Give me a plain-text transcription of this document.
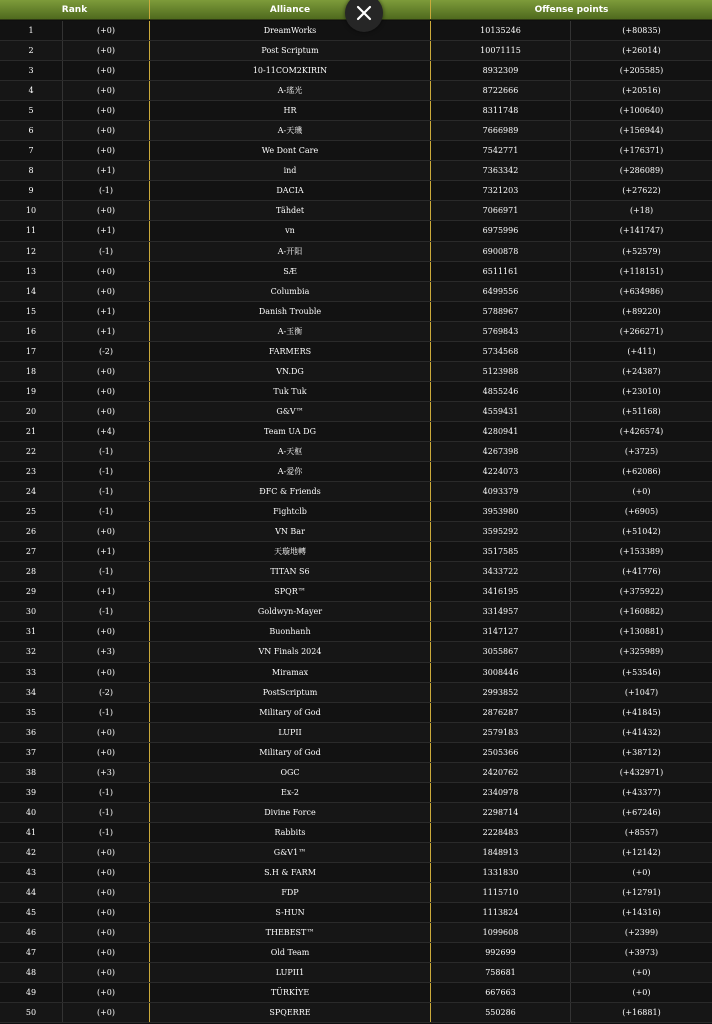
Rank	Alliance	Offense points
1	(+0)	DreamWorks	10135246	(+80835)
2	(+0)	Post Scriptum	10071115	(+26014)
3	(+0)	10-11COM2KIRIN	8932309	(+205585)
4	(+0)	A-瑤光	8722666	(+20516)
5	(+0)	HR	8311748	(+100640)
6	(+0)	A-天璣	7666989	(+156944)
7	(+0)	We Dont Care	7542771	(+176371)
8	(+1)	ind	7363342	(+286089)
9	(-1)	DACIA	7321203	(+27622)
10	(+0)	Tähdet	7066971	(+18)
11	(+1)	vn	6975996	(+141747)
12	(-1)	A-开阳	6900878	(+52579)
13	(+0)	SÆ	6511161	(+118151)
14	(+0)	Columbia	6499556	(+634986)
15	(+1)	Danish Trouble	5788967	(+89220)
16	(+1)	A-玉衡	5769843	(+266271)
17	(-2)	FARMERS	5734568	(+411)
18	(+0)	VN.DG	5123988	(+24387)
19	(+0)	Tuk Tuk	4855246	(+23010)
20	(+0)	G&V™	4559431	(+51168)
21	(+4)	Team UA DG	4280941	(+426574)
22	(-1)	A-天枢	4267398	(+3725)
23	(-1)	A-爱你	4224073	(+62086)
24	(-1)	ĐFC & Friends	4093379	(+0)
25	(-1)	Fightclb	3953980	(+6905)
26	(+0)	VN Bar	3595292	(+51042)
27	(+1)	天璇地轉	3517585	(+153389)
28	(-1)	TITAN S6	3433722	(+41776)
29	(+1)	SPQR™	3416195	(+375922)
30	(-1)	Goldwyn-Mayer	3314957	(+160882)
31	(+0)	Buonhanh	3147127	(+130881)
32	(+3)	VN Finals 2024	3055867	(+325989)
33	(+0)	Miramax	3008446	(+53546)
34	(-2)	PostScriptum	2993852	(+1047)
35	(-1)	Military of God	2876287	(+41845)
36	(+0)	LUPII	2579183	(+41432)
37	(+0)	Military of God	2505366	(+38712)
38	(+3)	OGC	2420762	(+432971)
39	(-1)	Ex-2	2340978	(+43377)
40	(-1)	Divine Force	2298714	(+67246)
41	(-1)	Rabbits	2228483	(+8557)
42	(+0)	G&V1™	1848913	(+12142)
43	(+0)	S.H & FARM	1331830	(+0)
44	(+0)	FDP	1115710	(+12791)
45	(+0)	S-HUN	1113824	(+14316)
46	(+0)	THEBEST™	1099608	(+2399)
47	(+0)	Old Team	992699	(+3973)
48	(+0)	LUPII1	758681	(+0)
49	(+0)	TÜRKİYE	667663	(+0)
50	(+0)	SPQERRE	550286	(+16881)
